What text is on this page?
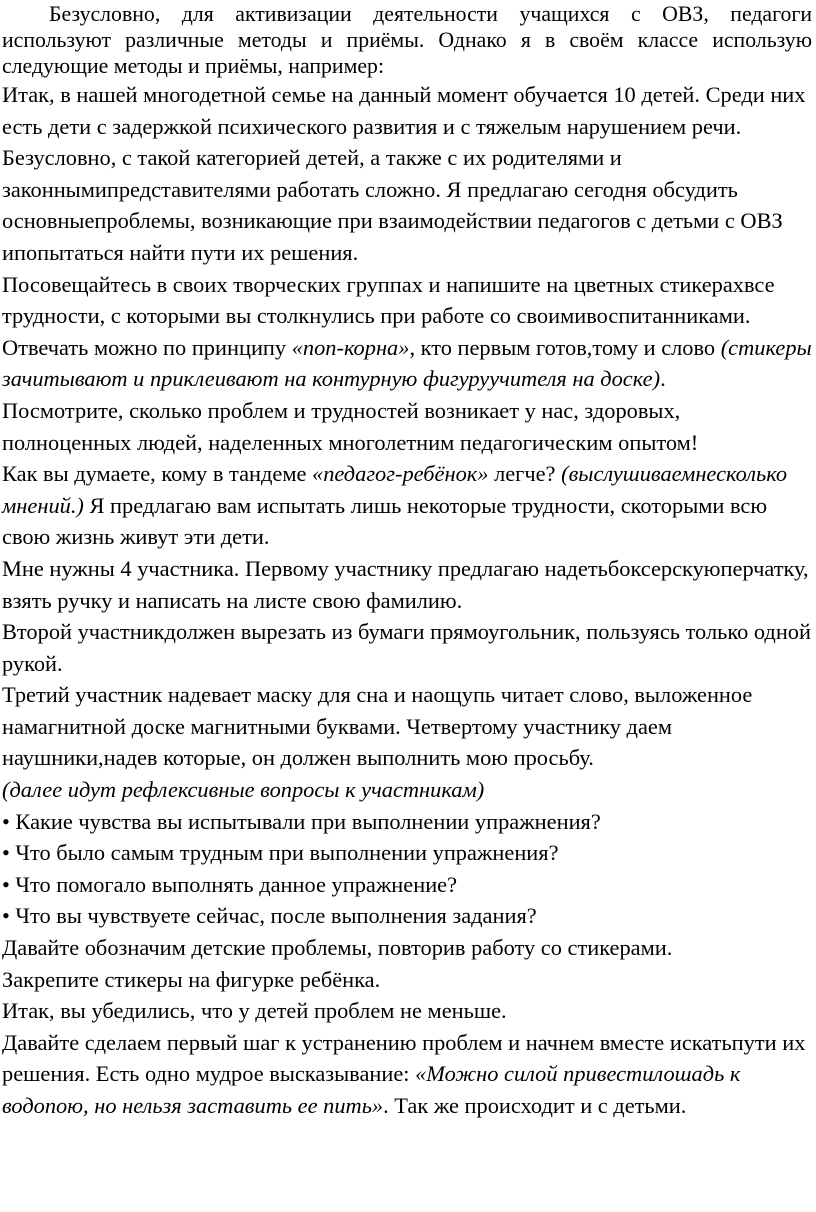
Безусловно, для активизации деятельности учащихся с ОВЗ, педагоги используют различные методы и приёмы. Однако я в своём классе использую следующие методы и приёмы, например:

Итак, в нашей многодетной семье на данный момент обучается 10 детей. Среди них есть дети с задержкой психического развития и с тяжелым нарушением речи.

Безусловно, с такой категорией детей, а также с их родителями и законнымипредставителями работать сложно. Я предлагаю сегодня обсудить основныепроблемы, возникающие при взаимодействии педагогов с детьми с ОВЗ ипопытаться найти пути их решения.

Посовещайтесь в своих творческих группах и напишите на цветных стикерахвсе трудности, с которыми вы столкнулись при работе со своимивоспитанниками. Отвечать можно по принципу «поп-корна», кто первым готов,тому и слово (стикеры зачитывают и приклеивают на контурную фигуруучителя на доске).

Посмотрите, сколько проблем и трудностей возникает у нас, здоровых, полноценных людей, наделенных многолетним педагогическим опытом!

Как вы думаете, кому в тандеме «педагог-ребёнок» легче? (выслушиваемнесколько мнений.) Я предлагаю вам испытать лишь некоторые трудности, скоторыми всю свою жизнь живут эти дети.

Мне нужны 4 участника. Первому участнику предлагаю надетьбоксерскуюперчатку, взять ручку и написать на листе свою фамилию.

Второй участникдолжен вырезать из бумаги прямоугольник, пользуясь только одной рукой.

Третий участник надевает маску для сна и наощупь читает слово, выложенное намагнитной доске магнитными буквами. Четвертому участнику даем наушники,надев которые, он должен выполнить мою просьбу.

(далее идут рефлексивные вопросы к участникам)

• Какие чувства вы испытывали при выполнении упражнения?

• Что было самым трудным при выполнении упражнения?

• Что помогало выполнять данное упражнение?

• Что вы чувствуете сейчас, после выполнения задания?

Давайте обозначим детские проблемы, повторив работу со стикерами.

Закрепите стикеры на фигурке ребёнка.

Итак, вы убедились, что у детей проблем не меньше.

Давайте сделаем первый шаг к устранению проблем и начнем вместе искатьпути их решения. Есть одно мудрое высказывание: «Можно силой привестилошадь к водопою, но нельзя заставить ее пить». Так же происходит и с детьми.
